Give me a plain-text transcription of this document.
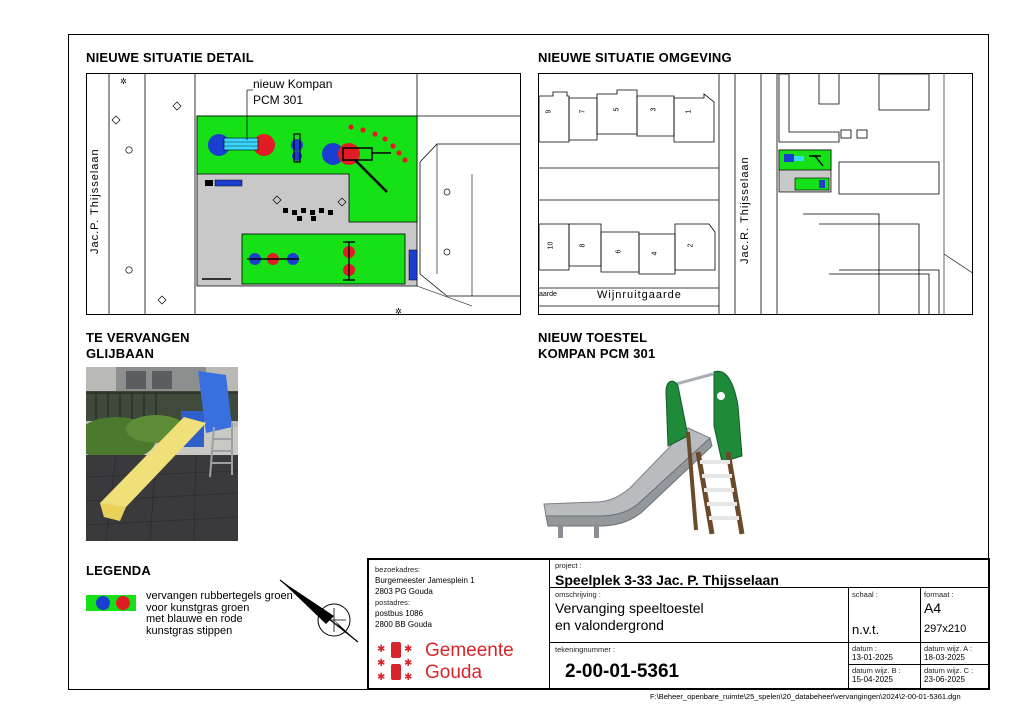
NIEUWE SITUATIE DETAIL	NIEUWE SITUATIE OMGEVING
TE VERVANGEN
GLIJBAAN
NIEUW TOESTEL
KOMPAN PCM 301
✲
✲
nieuw Kompan
PCM 301
Jac.P. Thijsselaan
9	7
5	3
1
10	8
6
4
2	Jac.R. Thijsselaan
Wijnruitgaarde
aarde
LEGENDA
vervangen rubbertegels groen
voor kunstgras groen
met blauwe en rode
kunstgras stippen
bezoekadres:
Burgemeester Jamesplein 1
2803 PG Gouda
postadres:
postbus 1086
2800 BB Gouda
✱
✱
✱
✱
✱
✱
Gemeente
Gouda
project :
Speelplek 3-33 Jac. P. Thijsselaan
omschrijving :
Vervanging speeltoestel
en valondergrond
tekeningnummer :
2-00-01-5361
schaal :
n.v.t.
formaat :
A4
297x210
datum :
13-01-2025
datum wijz. A :
18-03-2025
datum wijz. B :
15-04-2025
datum wijz. C :
23-06-2025
F:\Beheer_openbare_ruimte\25_spelen\20_databeheer\vervangingen\2024\2-00-01-5361.dgn
